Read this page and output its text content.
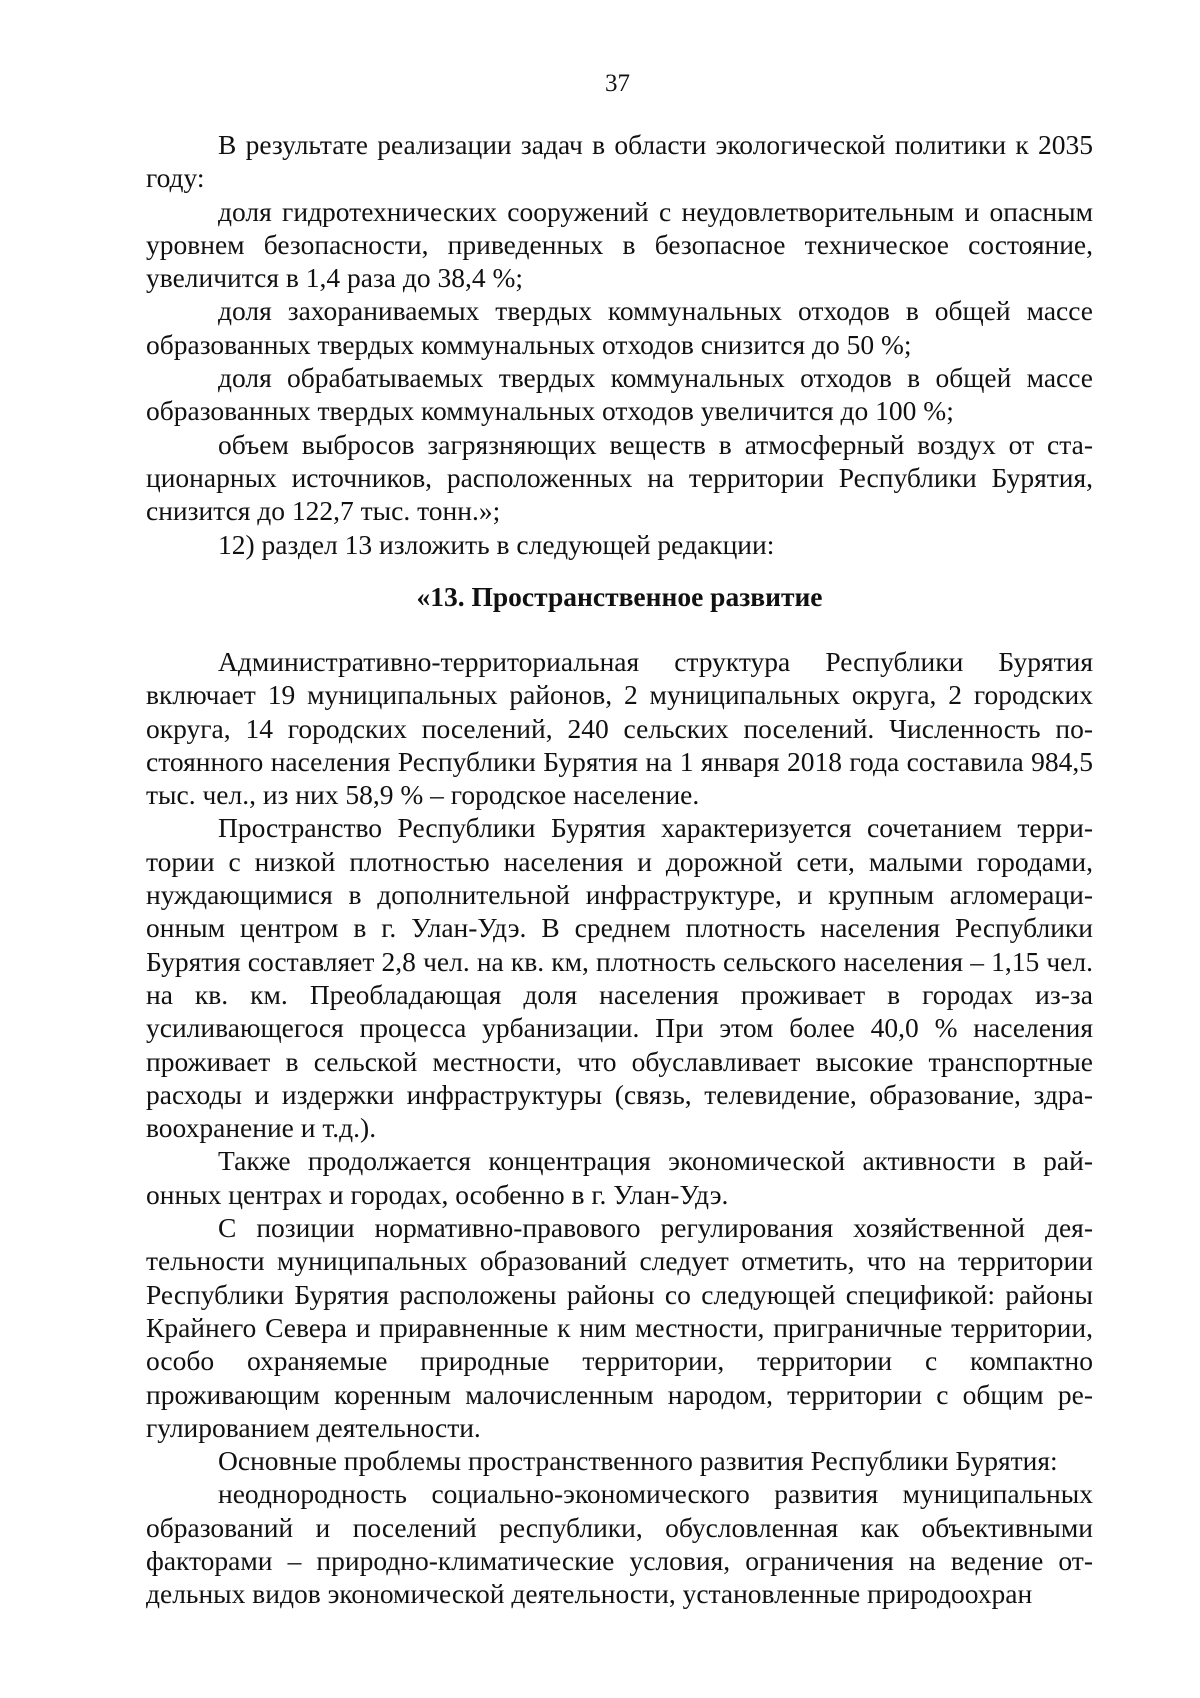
37

В результате реализации задач в области экологической политики к 2035 году:

доля гидротехнических сооружений с неудовлетворительным и опасным уровнем безопасности, приведенных в безопасное техническое состояние, увеличится в 1,4 раза до 38,4 %;

доля захораниваемых твердых коммунальных отходов в общей массе образованных твердых коммунальных отходов снизится до 50 %;

доля обрабатываемых твердых коммунальных отходов в общей массе образованных твердых коммунальных отходов увеличится до 100 %;

объем выбросов загрязняющих веществ в атмосферный воздух от стационарных источников, расположенных на территории Республики Бурятия, снизится до 122,7 тыс. тонн.»;

12) раздел 13 изложить в следующей редакции:

«13. Пространственное развитие

Административно-территориальная структура Республики Бурятия включает 19 муниципальных районов, 2 муниципальных округа, 2 городских округа, 14 городских поселений, 240 сельских поселений. Численность постоянного населения Республики Бурятия на 1 января 2018 года составила 984,5 тыс. чел., из них 58,9 % – городское население.

Пространство Республики Бурятия характеризуется сочетанием территории с низкой плотностью населения и дорожной сети, малыми городами, нуждающимися в дополнительной инфраструктуре, и крупным агломерационным центром в г. Улан-Удэ. В среднем плотность населения Республики Бурятия составляет 2,8 чел. на кв. км, плотность сельского населения – 1,15 чел. на кв. км. Преобладающая доля населения проживает в городах из-за усиливающегося процесса урбанизации. При этом более 40,0 % населения проживает в сельской местности, что обуславливает высокие транспортные расходы и издержки инфраструктуры (связь, телевидение, образование, здравоохранение и т.д.).

Также продолжается концентрация экономической активности в районных центрах и городах, особенно в г. Улан-Удэ.

С позиции нормативно-правового регулирования хозяйственной деятельности муниципальных образований следует отметить, что на территории Республики Бурятия расположены районы со следующей спецификой: районы Крайнего Севера и приравненные к ним местности, приграничные территории, особо охраняемые природные территории, территории с компактно проживающим коренным малочисленным народом, территории с общим регулированием деятельности.

Основные проблемы пространственного развития Республики Бурятия:

неоднородность социально-экономического развития муниципальных образований и поселений республики, обусловленная как объективными факторами – природно-климатические условия, ограничения на ведение отдельных видов экономической деятельности, установленные природоохран
